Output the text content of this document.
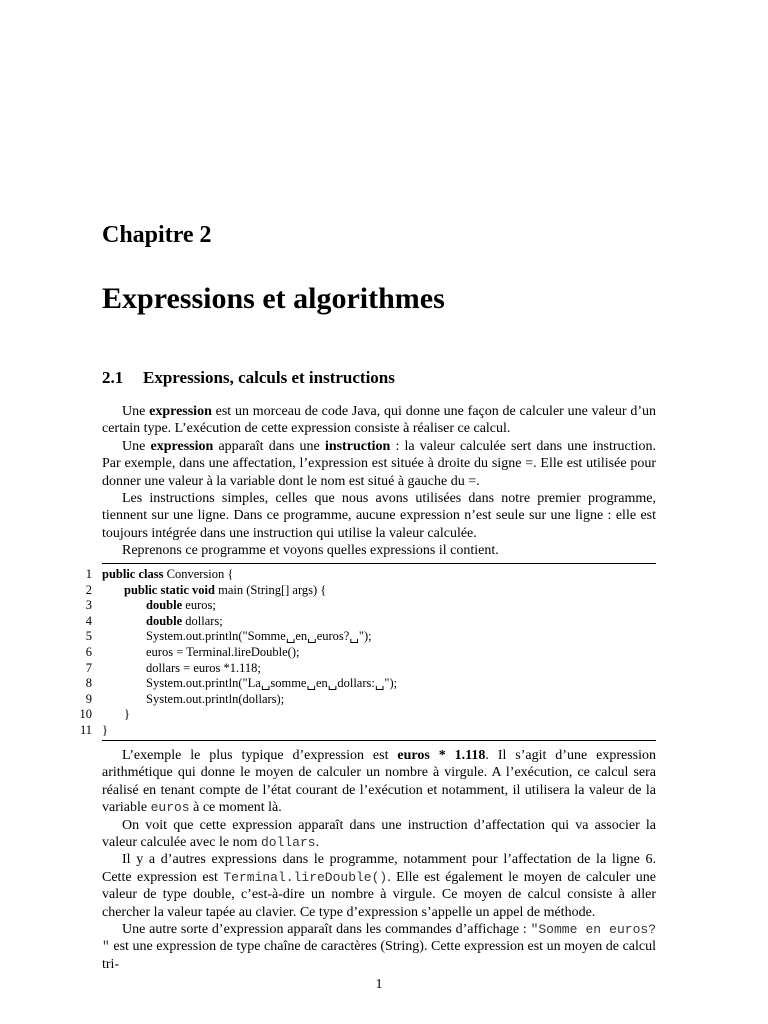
Chapitre 2
Expressions et algorithmes
2.1 Expressions, calculs et instructions

Une expression est un morceau de code Java, qui donne une façon de calculer une valeur d’un certain type. L’exécution de cette expression consiste à réaliser ce calcul.

Une expression apparaît dans une instruction : la valeur calculée sert dans une instruction. Par exemple, dans une affectation, l’expression est située à droite du signe =. Elle est utilisée pour donner une valeur à la variable dont le nom est situé à gauche du =.

Les instructions simples, celles que nous avons utilisées dans notre premier programme, tiennent sur une ligne. Dans ce programme, aucune expression n’est seule sur une ligne : elle est toujours intégrée dans une instruction qui utilise la valeur calculée.

Reprenons ce programme et voyons quelles expressions il contient.

1 public class Conversion {
2	public static void main (String[] args) {
3	double euros;
4	double dollars;
5	System.out.println("Somme␣en␣euros?␣");
6	euros = Terminal.lireDouble();
7	dollars = euros *1.118;
8	System.out.println("La␣somme␣en␣dollars:␣");
9	System.out.println(dollars);
10	}
11 }

L’exemple le plus typique d’expression est euros * 1.118. Il s’agit d’une expression arithmétique qui donne le moyen de calculer un nombre à virgule. A l’exécution, ce calcul sera réalisé en tenant compte de l’état courant de l’exécution et notamment, il utilisera la valeur de la variable euros à ce moment là.

On voit que cette expression apparaît dans une instruction d’affectation qui va associer la valeur calculée avec le nom dollars.

Il y a d’autres expressions dans le programme, notamment pour l’affectation de la ligne 6. Cette expression est Terminal.lireDouble(). Elle est également le moyen de calculer une valeur de type double, c’est-à-dire un nombre à virgule. Ce moyen de calcul consiste à aller chercher la valeur tapée au clavier. Ce type d’expression s’appelle un appel de méthode.

Une autre sorte d’expression apparaît dans les commandes d’affichage : "Somme en euros? " est une expression de type chaîne de caractères (String). Cette expression est un moyen de calcul tri-

1
